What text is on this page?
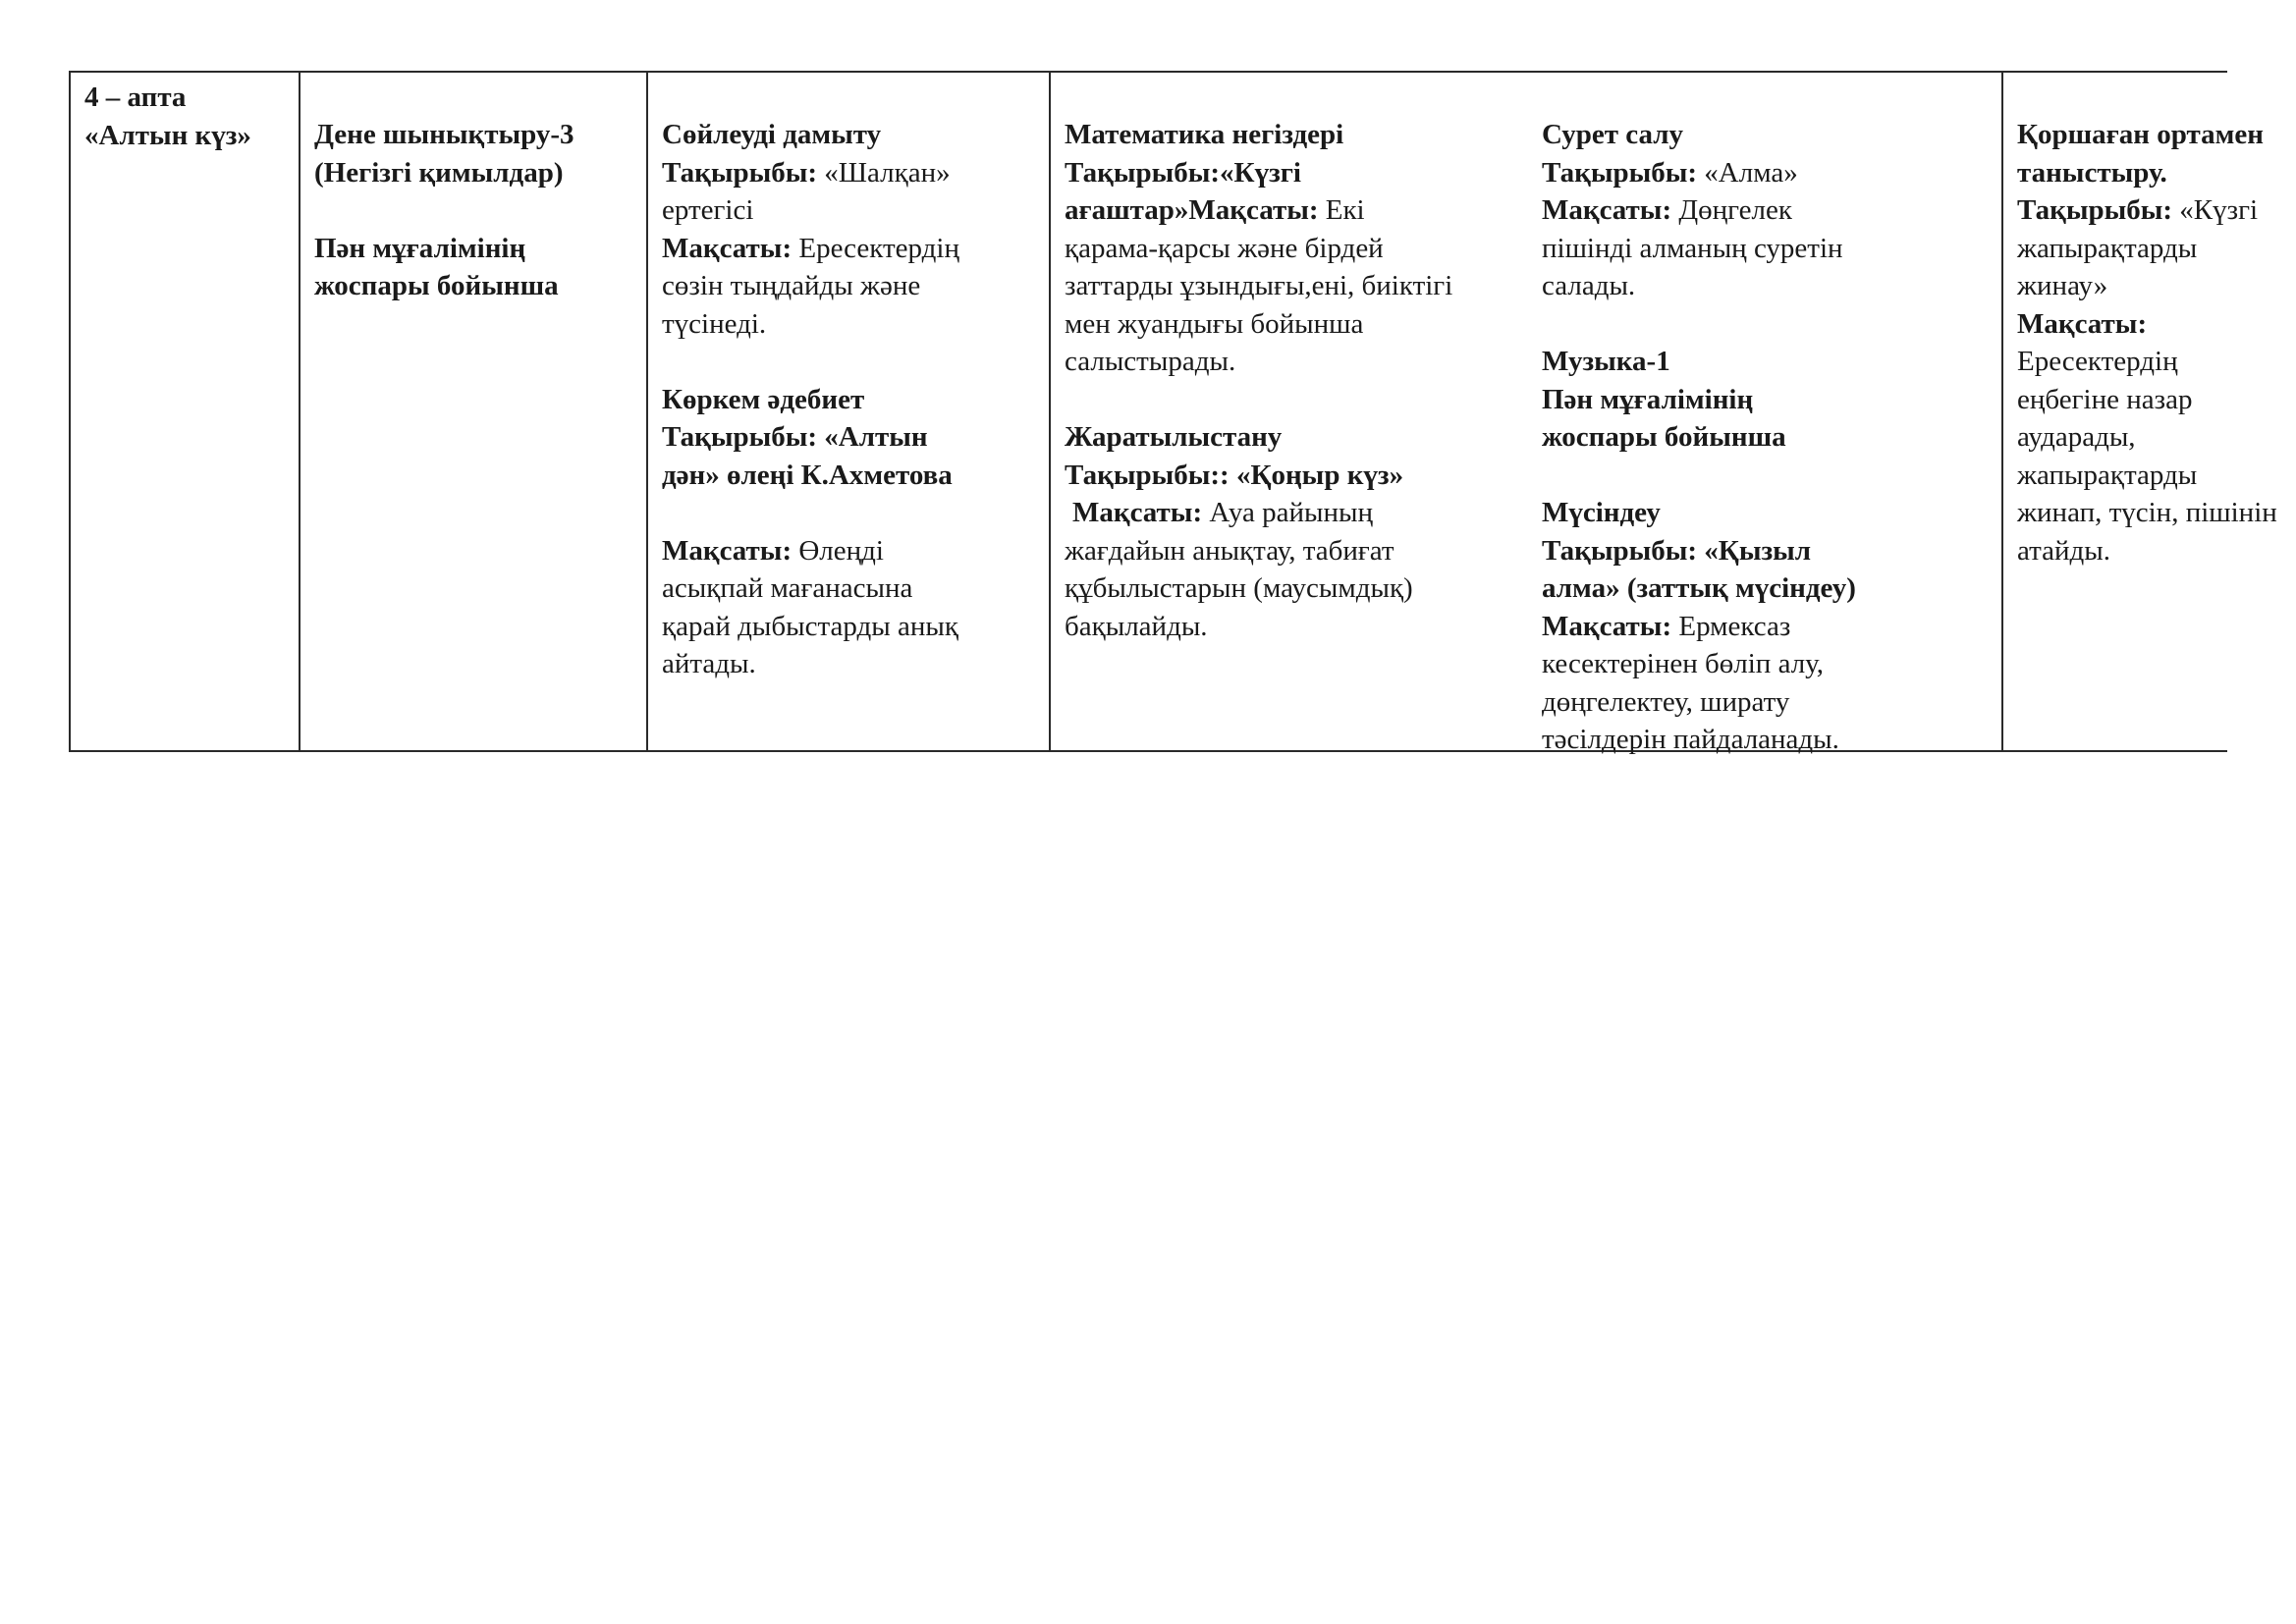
4 – апта
«Алтын күз»	Дене шынықтыру-3
(Негізгі қимылдар)
Пән мұғалімінің
жоспары бойынша
Сөйлеуді дамыту
Тақырыбы: «Шалқан»
ертегісі
Мақсаты: Ересектердің
сөзін тыңдайды және
түсінеді.
Көркем әдебиет
Тақырыбы: «Алтын
дән» өлеңі К.Ахметова
Мақсаты: Өлеңді
асықпай мағанасына
қарай дыбыстарды анық
айтады.
Математика негіздері
Тақырыбы:«Күзгі
ағаштар»Мақсаты: Екі
қарама-қарсы және бірдей
заттарды ұзындығы,ені, биіктігі
мен жуандығы бойынша
салыстырады.
Жаратылыстану
Тақырыбы:: «Қоңыр күз»
Мақсаты: Ауа райының
жағдайын анықтау, табиғат
құбылыстарын (маусымдық)
бақылайды.
Сурет салу
Тақырыбы: «Алма»
Мақсаты: Дөңгелек
пішінді алманың суретін
салады.
Музыка-1
Пән мұғалімінің
жоспары бойынша
Мүсіндеу
Тақырыбы: «Қызыл
алма» (заттық мүсіндеу)
Мақсаты: Ермексаз
кесектерінен бөліп алу,
дөңгелектеу, ширату
тәсілдерін пайдаланады.
Қоршаған ортамен
таныстыру.
Тақырыбы: «Күзгі
жапырақтарды
жинау»
Мақсаты:
Ересектердің
еңбегіне назар
аударады,
жапырақтарды
жинап, түсін, пішінін
атайды.
